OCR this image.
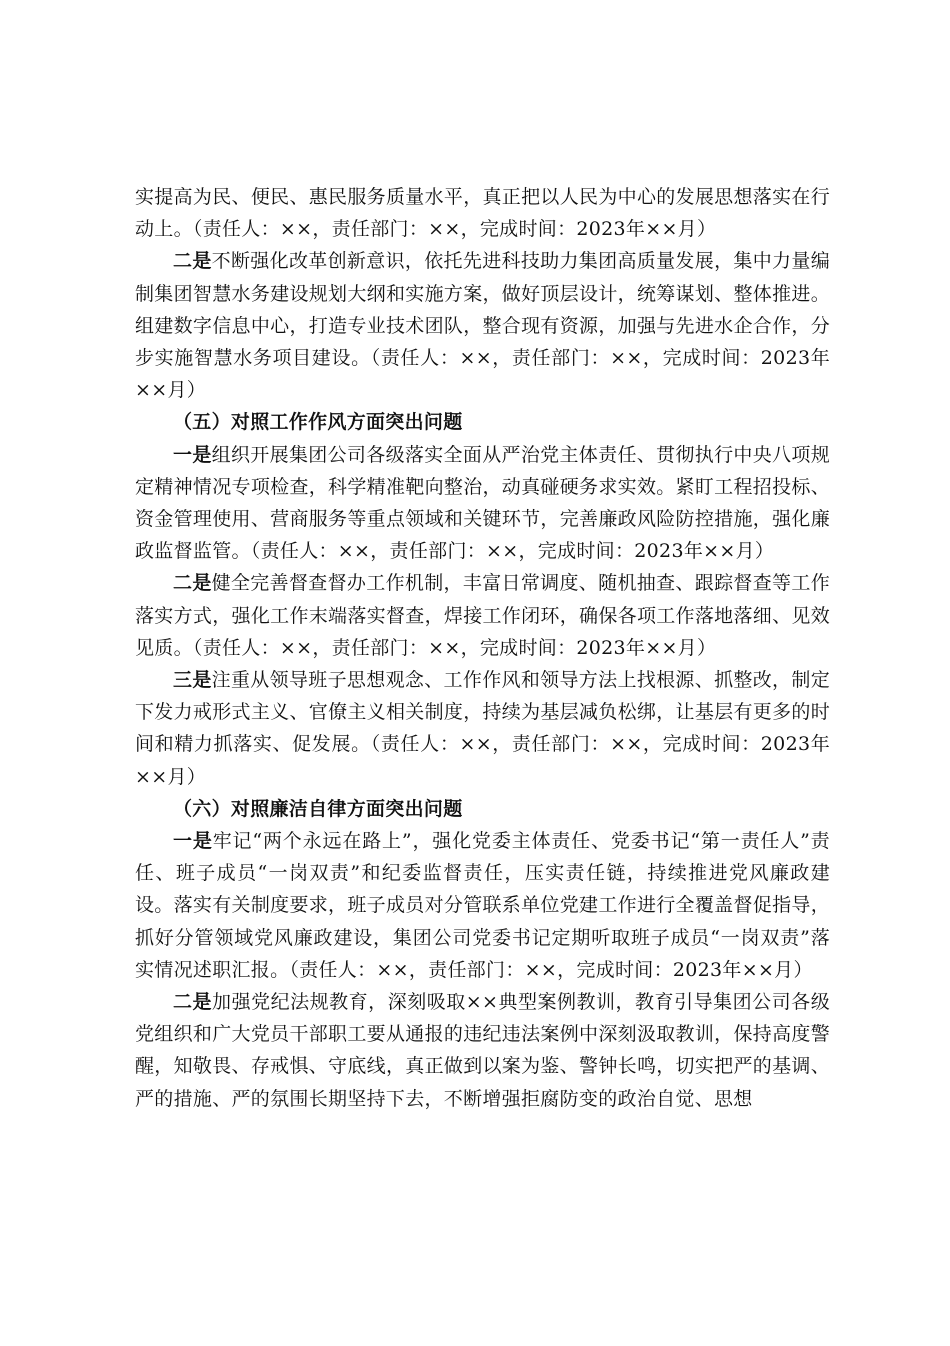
实提高为民、便民、惠民服务质量水平，真正把以人民为中心的发展思想落实在行动上。（责任人：××，责任部门：××，完成时间：2023年××月）

二是不断强化改革创新意识，依托先进科技助力集团高质量发展，集中力量编制集团智慧水务建设规划大纲和实施方案，做好顶层设计，统筹谋划、整体推进。组建数字信息中心，打造专业技术团队，整合现有资源，加强与先进水企合作，分步实施智慧水务项目建设。（责任人：××，责任部门：××，完成时间：2023年××月）

（五）对照工作作风方面突出问题

一是组织开展集团公司各级落实全面从严治党主体责任、贯彻执行中央八项规定精神情况专项检查，科学精准靶向整治，动真碰硬务求实效。紧盯工程招投标、资金管理使用、营商服务等重点领域和关键环节，完善廉政风险防控措施，强化廉政监督监管。（责任人：××，责任部门：××，完成时间：2023年××月）

二是健全完善督查督办工作机制，丰富日常调度、随机抽查、跟踪督查等工作落实方式，强化工作末端落实督查，焊接工作闭环，确保各项工作落地落细、见效见质。（责任人：××，责任部门：××，完成时间：2023年××月）

三是注重从领导班子思想观念、工作作风和领导方法上找根源、抓整改，制定下发力戒形式主义、官僚主义相关制度，持续为基层减负松绑，让基层有更多的时间和精力抓落实、促发展。（责任人：××，责任部门：××，完成时间：2023年××月）

（六）对照廉洁自律方面突出问题

一是牢记“两个永远在路上”，强化党委主体责任、党委书记“第一责任人”责任、班子成员“一岗双责”和纪委监督责任，压实责任链，持续推进党风廉政建设。落实有关制度要求，班子成员对分管联系单位党建工作进行全覆盖督促指导，抓好分管领域党风廉政建设，集团公司党委书记定期听取班子成员“一岗双责”落实情况述职汇报。（责任人：××，责任部门：××，完成时间：2023年××月）

二是加强党纪法规教育，深刻吸取××典型案例教训，教育引导集团公司各级党组织和广大党员干部职工要从通报的违纪违法案例中深刻汲取教训，保持高度警醒，知敬畏、存戒惧、守底线，真正做到以案为鉴、警钟长鸣，切实把严的基调、严的措施、严的氛围长期坚持下去，不断增强拒腐防变的政治自觉、思想
